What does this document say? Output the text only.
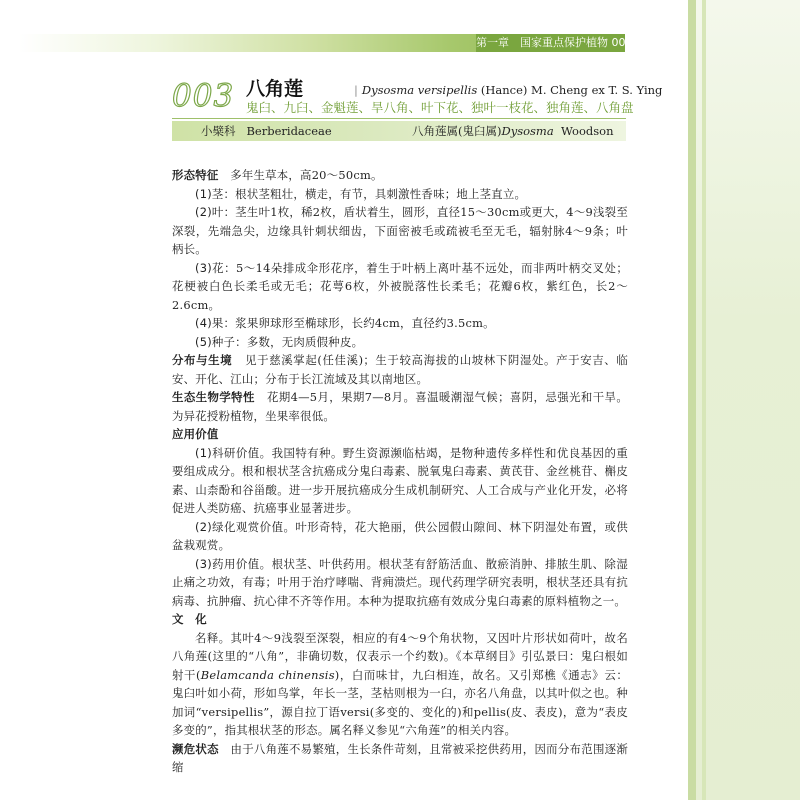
第一章　国家重点保护植物 007
003 八角莲	| Dysosma versipellis (Hance) M. Cheng ex T. S. Ying
鬼臼、九臼、金魁莲、旱八角、叶下花、独叶一枝花、独角莲、八角盘
小檗科 Berberidaceae	八角莲属(鬼臼属)Dysosma Woodson

形态特征 多年生草本，高20～50cm。

(1)茎：根状茎粗壮，横走，有节，具刺激性香味；地上茎直立。

(2)叶：茎生叶1枚，稀2枚，盾状着生，圆形，直径15～30cm或更大，4～9浅裂至深裂，先端急尖，边缘具针刺状细齿，下面密被毛或疏被毛至无毛，辐射脉4～9条；叶柄长。

(3)花：5～14朵排成伞形花序，着生于叶柄上离叶基不远处，而非两叶柄交叉处；花梗被白色长柔毛或无毛；花萼6枚，外被脱落性长柔毛；花瓣6枚，紫红色，长2～2.6cm。

(4)果：浆果卵球形至椭球形，长约4cm，直径约3.5cm。

(5)种子：多数，无肉质假种皮。

分布与生境 见于慈溪掌起(任佳溪)；生于较高海拔的山坡林下阴湿处。产于安吉、临安、开化、江山；分布于长江流域及其以南地区。

生态生物学特性 花期4—5月，果期7—8月。喜温暖潮湿气候；喜阴，忌强光和干旱。为异花授粉植物，坐果率很低。

应用价值

(1)科研价值。我国特有种。野生资源濒临枯竭，是物种遗传多样性和优良基因的重要组成成分。根和根状茎含抗癌成分鬼臼毒素、脱氧鬼臼毒素、黄芪苷、金丝桃苷、槲皮素、山柰酚和谷甾酸。进一步开展抗癌成分生成机制研究、人工合成与产业化开发，必将促进人类防癌、抗癌事业显著进步。

(2)绿化观赏价值。叶形奇特，花大艳丽，供公园假山隙间、林下阴湿处布置，或供盆栽观赏。

(3)药用价值。根状茎、叶供药用。根状茎有舒筋活血、散瘀消肿、排脓生肌、除湿止痛之功效，有毒；叶用于治疗哮喘、背痈溃烂。现代药理学研究表明，根状茎还具有抗病毒、抗肿瘤、抗心律不齐等作用。本种为提取抗癌有效成分鬼臼毒素的原料植物之一。

文　化

名释。其叶4～9浅裂至深裂，相应的有4～9个角状物，又因叶片形状如荷叶，故名八角莲(这里的“八角”，非确切数，仅表示一个约数)。《本草纲目》引弘景曰：鬼臼根如射干(Belamcanda chinensis)，白而味甘，九臼相连，故名。又引郑樵《通志》云：鬼臼叶如小荷，形如鸟掌，年长一茎，茎枯则根为一臼，亦名八角盘，以其叶似之也。种加词“versipellis”，源自拉丁语versi(多变的、变化的)和pellis(皮、表皮)，意为“表皮多变的”，指其根状茎的形态。属名释义参见“六角莲”的相关内容。

濒危状态 由于八角莲不易繁殖，生长条件苛刻，且常被采挖供药用，因而分布范围逐渐缩
